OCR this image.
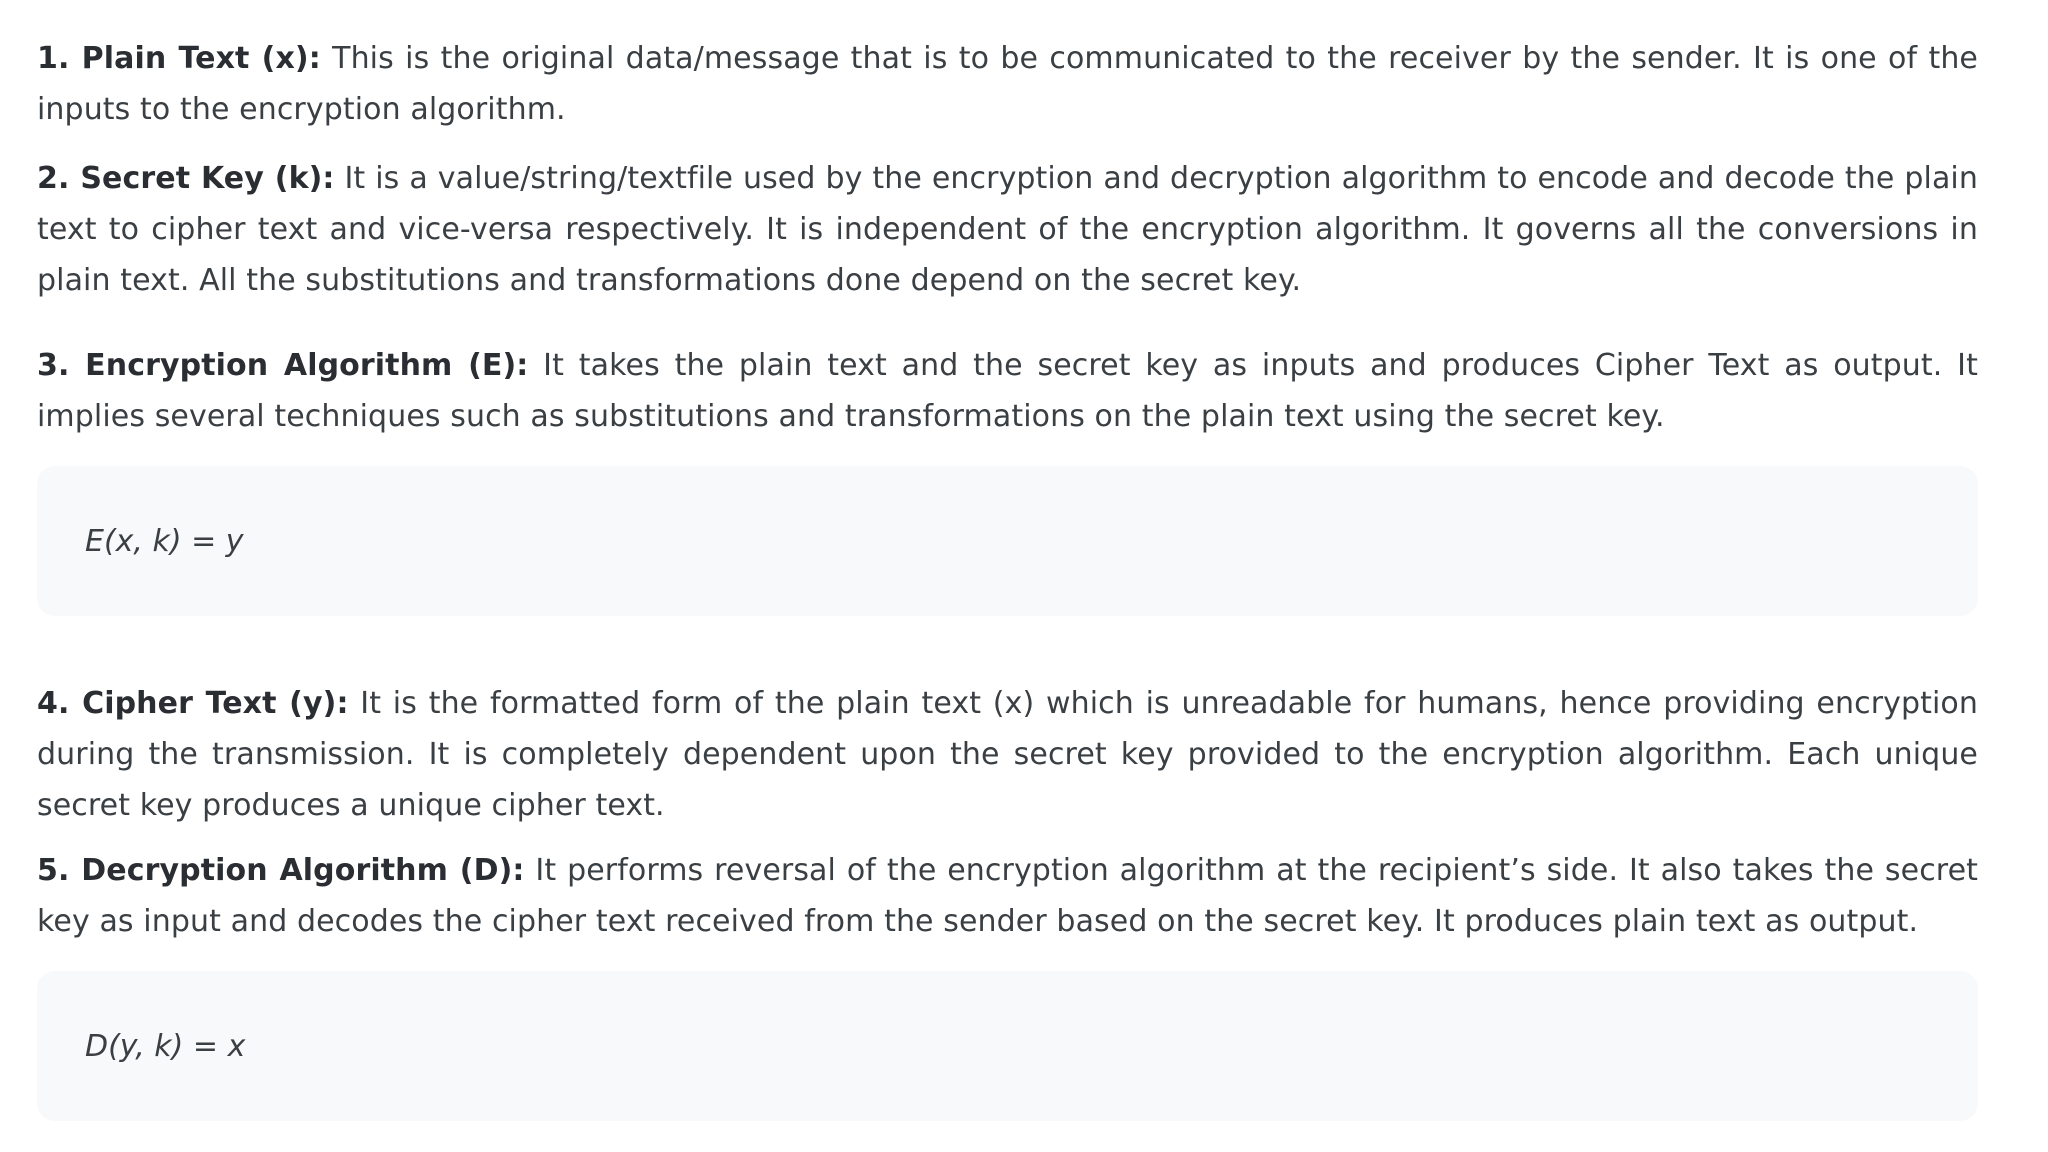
1. Plain Text (x): This is the original data/message that is to be communicated to the receiver by the sender. It is one of the inputs to the encryption algorithm.

2. Secret Key (k): It is a value/string/textfile used by the encryption and decryption algorithm to encode and decode the plain text to cipher text and vice-versa respectively. It is independent of the encryption algorithm. It governs all the conversions in plain text. All the substitutions and transformations done depend on the secret key.

3. Encryption Algorithm (E): It takes the plain text and the secret key as inputs and produces Cipher Text as output. It implies several techniques such as substitutions and transformations on the plain text using the secret key.

E(x, k) = y

4. Cipher Text (y): It is the formatted form of the plain text (x) which is unreadable for humans, hence providing encryption during the transmission. It is completely dependent upon the secret key provided to the encryption algorithm. Each unique secret key produces a unique cipher text.

5. Decryption Algorithm (D): It performs reversal of the encryption algorithm at the recipient’s side. It also takes the secret key as input and decodes the cipher text received from the sender based on the secret key. It produces plain text as output.

D(y, k) = x
